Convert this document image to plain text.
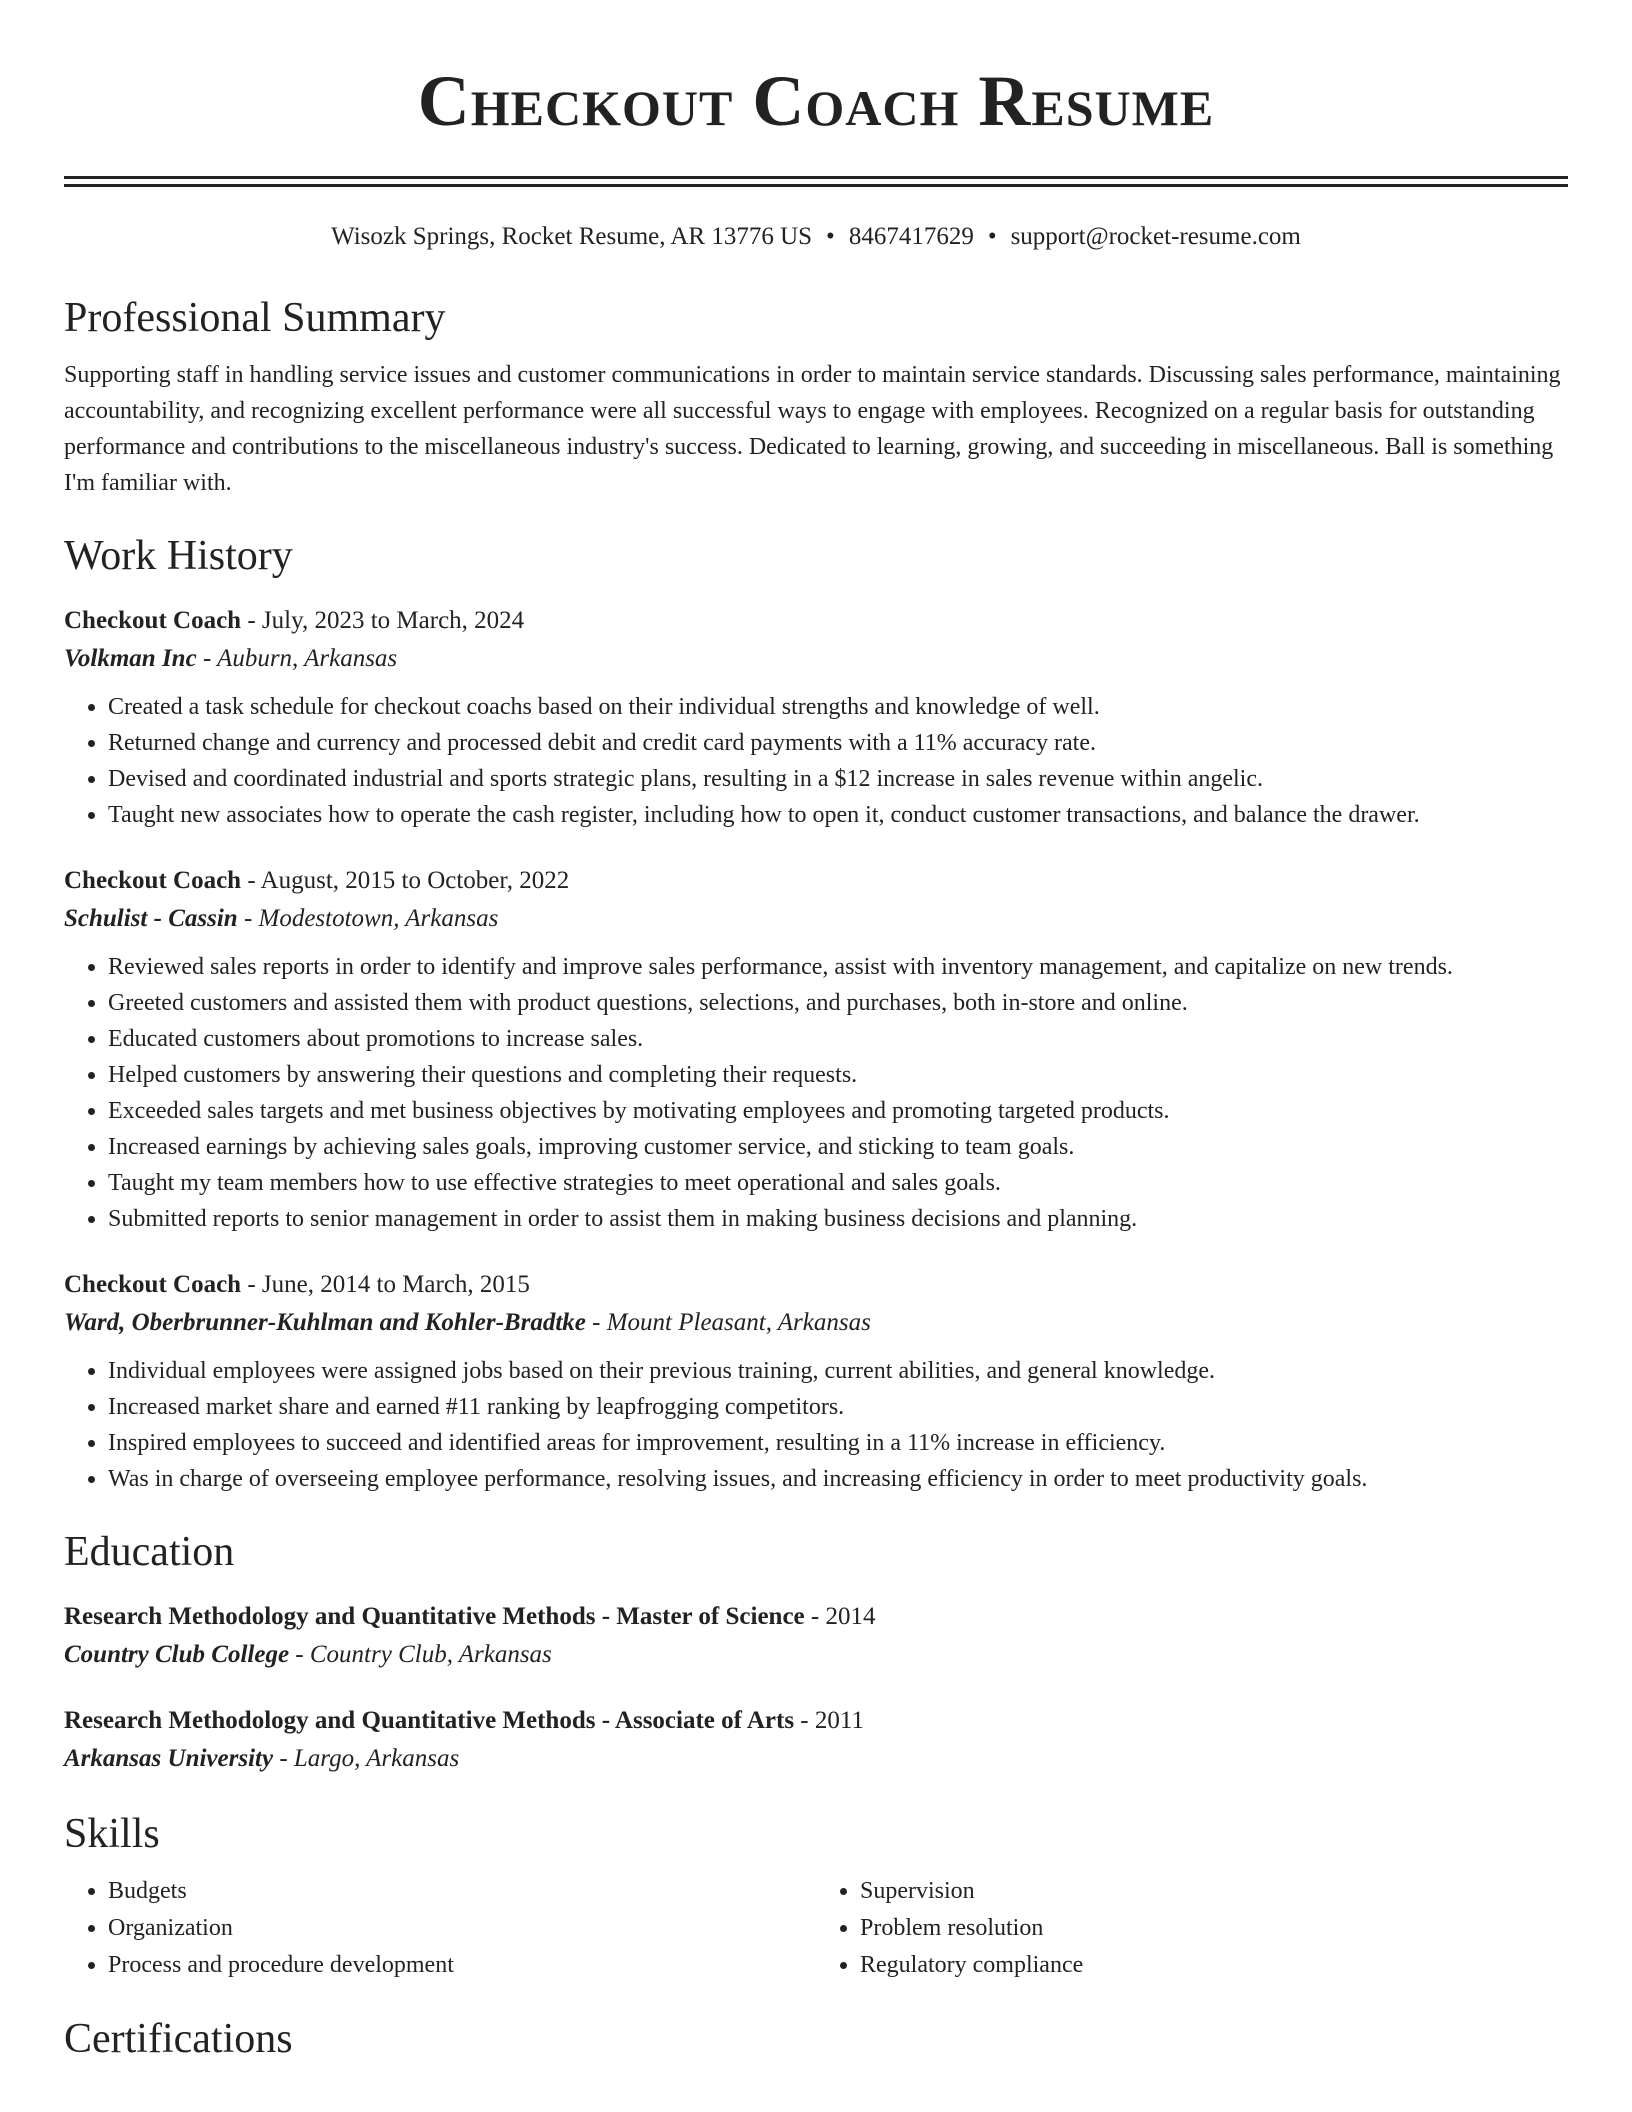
Checkout Coach Resume
Wisozk Springs, Rocket Resume, AR 13776 US • 8467417629 • support@rocket-resume.com
Professional Summary

Supporting staff in handling service issues and customer communications in order to maintain service standards. Discussing sales performance, maintaining accountability, and recognizing excellent performance were all successful ways to engage with employees. Recognized on a regular basis for outstanding performance and contributions to the miscellaneous industry's success. Dedicated to learning, growing, and succeeding in miscellaneous. Ball is something I'm familiar with.

Work History
Checkout Coach - July, 2023 to March, 2024
Volkman Inc - Auburn, Arkansas
• Created a task schedule for checkout coachs based on their individual strengths and knowledge of well.
• Returned change and currency and processed debit and credit card payments with a 11% accuracy rate.
• Devised and coordinated industrial and sports strategic plans, resulting in a $12 increase in sales revenue within angelic.
• Taught new associates how to operate the cash register, including how to open it, conduct customer transactions, and balance the drawer.
Checkout Coach - August, 2015 to October, 2022
Schulist - Cassin - Modestotown, Arkansas
• Reviewed sales reports in order to identify and improve sales performance, assist with inventory management, and capitalize on new trends.
• Greeted customers and assisted them with product questions, selections, and purchases, both in-store and online.
• Educated customers about promotions to increase sales.
• Helped customers by answering their questions and completing their requests.
• Exceeded sales targets and met business objectives by motivating employees and promoting targeted products.
• Increased earnings by achieving sales goals, improving customer service, and sticking to team goals.
• Taught my team members how to use effective strategies to meet operational and sales goals.
• Submitted reports to senior management in order to assist them in making business decisions and planning.
Checkout Coach - June, 2014 to March, 2015
Ward, Oberbrunner-Kuhlman and Kohler-Bradtke - Mount Pleasant, Arkansas
• Individual employees were assigned jobs based on their previous training, current abilities, and general knowledge.
• Increased market share and earned #11 ranking by leapfrogging competitors.
• Inspired employees to succeed and identified areas for improvement, resulting in a 11% increase in efficiency.
• Was in charge of overseeing employee performance, resolving issues, and increasing efficiency in order to meet productivity goals.
Education
Research Methodology and Quantitative Methods - Master of Science - 2014
Country Club College - Country Club, Arkansas
Research Methodology and Quantitative Methods - Associate of Arts - 2011
Arkansas University - Largo, Arkansas
Skills
• Budgets
• Organization
• Process and procedure development
• Supervision
• Problem resolution
• Regulatory compliance
Certifications
